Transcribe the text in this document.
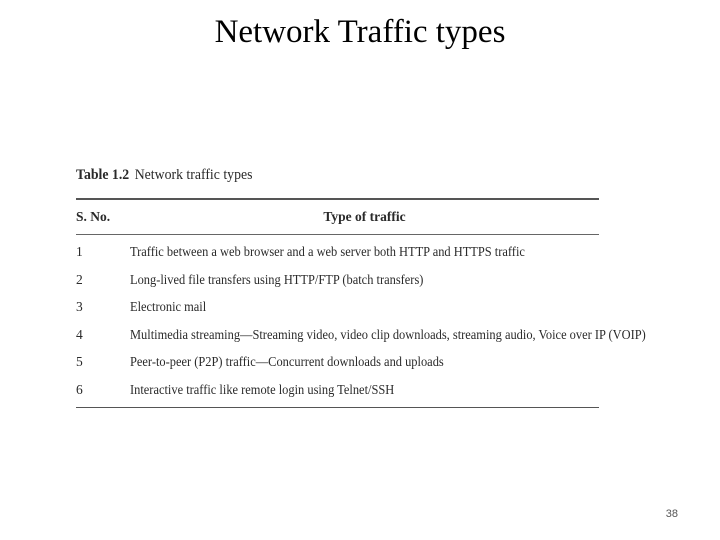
Network Traffic types
Table 1.2 Network traffic types
S. No.	Type of traffic
1	Traffic between a web browser and a web server both HTTP and HTTPS traffic
2	Long-lived file transfers using HTTP/FTP (batch transfers)
3	Electronic mail
4	Multimedia streaming—Streaming video, video clip downloads, streaming audio, Voice over IP (VOIP)
5	Peer-to-peer (P2P) traffic—Concurrent downloads and uploads
6	Interactive traffic like remote login using Telnet/SSH
38
